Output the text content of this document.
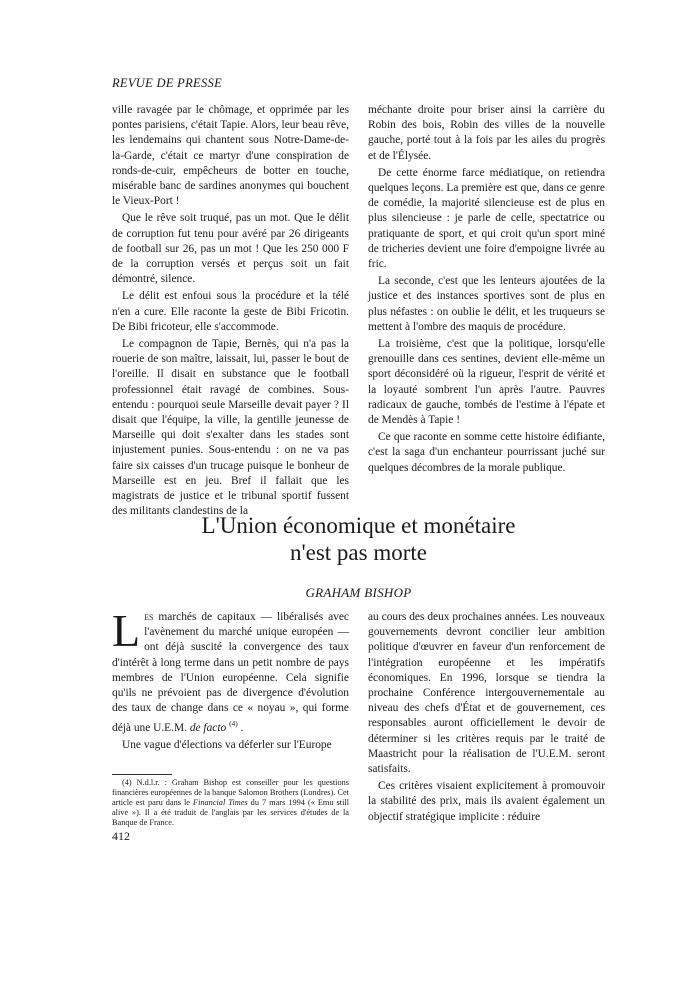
REVUE DE PRESSE

ville ravagée par le chômage, et opprimée par les pontes parisiens, c'était Tapie. Alors, leur beau rêve, les lendemains qui chantent sous Notre-Dame-de-la-Garde, c'était ce martyr d'une conspiration de ronds-de-cuir, empêcheurs de botter en touche, misérable banc de sardines anonymes qui bouchent le Vieux-Port !

Que le rêve soit truqué, pas un mot. Que le délit de corruption fut tenu pour avéré par 26 dirigeants de football sur 26, pas un mot ! Que les 250 000 F de la corruption versés et perçus soit un fait démontré, silence.

Le délit est enfoui sous la procédure et la télé n'en a cure. Elle raconte la geste de Bibi Fricotin. De Bibi fricoteur, elle s'accommode.

Le compagnon de Tapie, Bernès, qui n'a pas la rouerie de son maître, laissait, lui, passer le bout de l'oreille. Il disait en substance que le football professionnel était ravagé de combines. Sous-entendu : pourquoi seule Marseille devait payer ? Il disait que l'équipe, la ville, la gentille jeunesse de Marseille qui doit s'exalter dans les stades sont injustement punies. Sous-entendu : on ne va pas faire six caisses d'un trucage puisque le bonheur de Marseille est en jeu. Bref il fallait que les magistrats de justice et le tribunal sportif fussent des militants clandestins de la

méchante droite pour briser ainsi la carrière du Robin des bois, Robin des villes de la nouvelle gauche, porté tout à la fois par les ailes du progrès et de l'Élysée.

De cette énorme farce médiatique, on retiendra quelques leçons. La première est que, dans ce genre de comédie, la majorité silencieuse est de plus en plus silencieuse : je parle de celle, spectatrice ou pratiquante de sport, et qui croit qu'un sport miné de tricheries devient une foire d'empoigne livrée au fric.

La seconde, c'est que les lenteurs ajoutées de la justice et des instances sportives sont de plus en plus néfastes : on oublie le délit, et les truqueurs se mettent à l'ombre des maquis de procédure.

La troisième, c'est que la politique, lorsqu'elle grenouille dans ces sentines, devient elle-même un sport déconsidéré où la rigueur, l'esprit de vérité et la loyauté sombrent l'un après l'autre. Pauvres radicaux de gauche, tombés de l'estime à l'épate et de Mendès à Tapie !

Ce que raconte en somme cette histoire édifiante, c'est la saga d'un enchanteur pourrissant juché sur quelques décombres de la morale publique.

L'Union économique et monétaire
n'est pas morte
GRAHAM BISHOP

Les marchés de capitaux — libéralisés avec l'avènement du marché unique européen — ont déjà suscité la convergence des taux d'intérêt à long terme dans un petit nombre de pays membres de l'Union européenne. Cela signifie qu'ils ne prévoient pas de divergence d'évolution des taux de change dans ce « noyau », qui forme déjà une U.E.M. de facto $^{(4)}$ .

Une vague d'élections va déferler sur l'Europe

au cours des deux prochaines années. Les nouveaux gouvernements devront concilier leur ambition politique d'œuvrer en faveur d'un renforcement de l'intégration européenne et les impératifs économiques. En 1996, lorsque se tiendra la prochaine Conférence intergouvernementale au niveau des chefs d'État et de gouvernement, ces responsables auront officiellement le devoir de déterminer si les critères requis par le traité de Maastricht pour la réalisation de l'U.E.M. seront satisfaits.

Ces critères visaient explicitement à promouvoir la stabilité des prix, mais ils avaient également un objectif stratégique implicite : réduire

(4) N.d.l.r. : Graham Bishop est conseiller pour les questions financières européennes de la banque Salomon Brothers (Londres). Cet article est paru dans le Financial Times du 7 mars 1994 (« Emu still alive »). Il a été traduit de l'anglais par les services d'études de la Banque de France.
412
